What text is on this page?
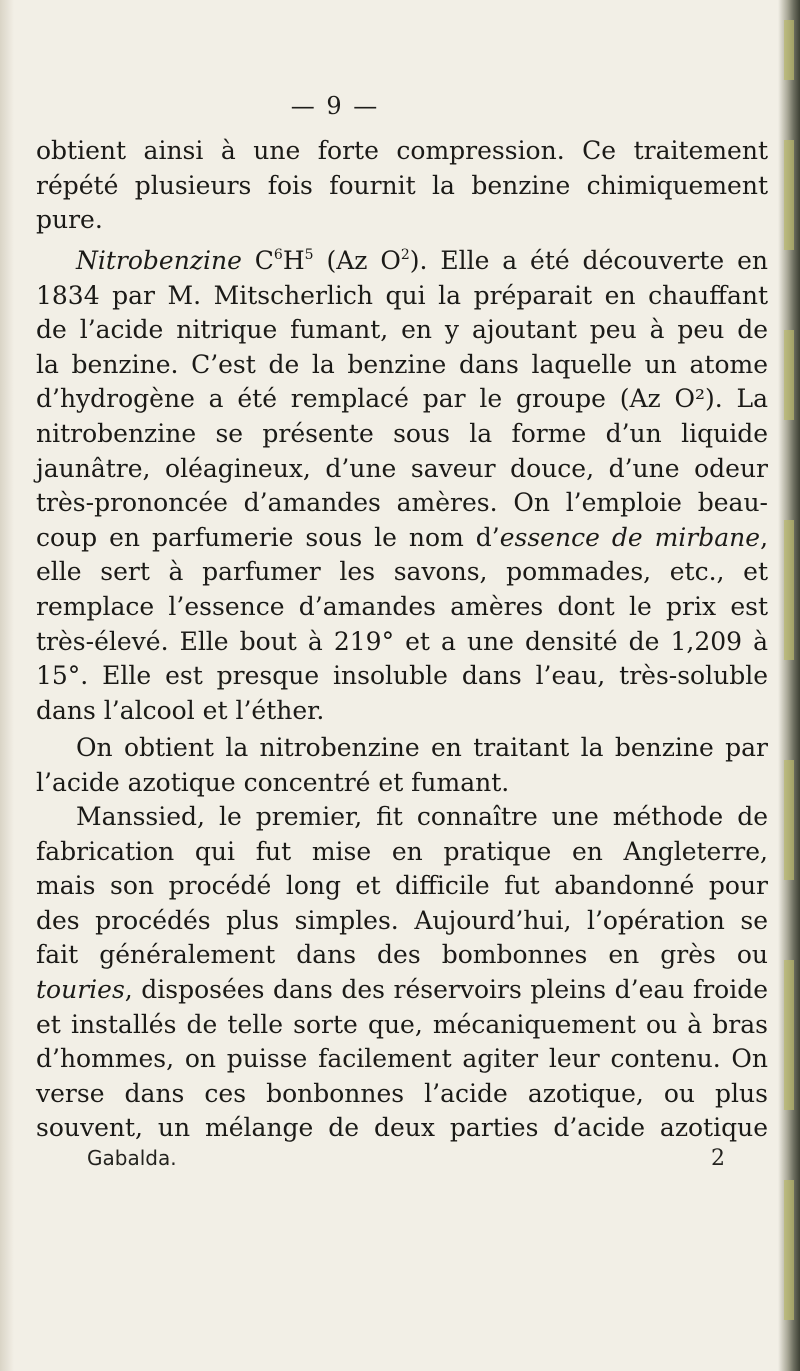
— 9 —
obtient ainsi à une forte compression. Ce traitement
répété plusieurs fois fournit la benzine chimiquement
pure.
Nitrobenzine $C^6H^5$ (Az $O^2$). Elle a été découverte en
1834 par M. Mitscherlich qui la préparait en chauffant
de l’acide nitrique fumant, en y ajoutant peu à peu de
la benzine. C’est de la benzine dans laquelle un atome
d’hydrogène a été remplacé par le groupe (Az O²). La
nitrobenzine se présente sous la forme d’un liquide
jaunâtre, oléagineux, d’une saveur douce, d’une odeur
très-prononcée d’amandes amères. On l’emploie beau-
coup en parfumerie sous le nom d’essence de mirbane,
elle sert à parfumer les savons, pommades, etc., et
remplace l’essence d’amandes amères dont le prix est
très-élevé. Elle bout à 219° et a une densité de 1,209 à
15°. Elle est presque insoluble dans l’eau, très-soluble
dans l’alcool et l’éther.
On obtient la nitrobenzine en traitant la benzine par
l’acide azotique concentré et fumant.
Manssied, le premier, fit connaître une méthode de
fabrication qui fut mise en pratique en Angleterre,
mais son procédé long et difficile fut abandonné pour
des procédés plus simples. Aujourd’hui, l’opération se
fait généralement dans des bombonnes en grès ou
touries, disposées dans des réservoirs pleins d’eau froide
et installés de telle sorte que, mécaniquement ou à bras
d’hommes, on puisse facilement agiter leur contenu. On
verse dans ces bonbonnes l’acide azotique, ou plus
souvent, un mélange de deux parties d’acide azotique
Gabalda.	2
